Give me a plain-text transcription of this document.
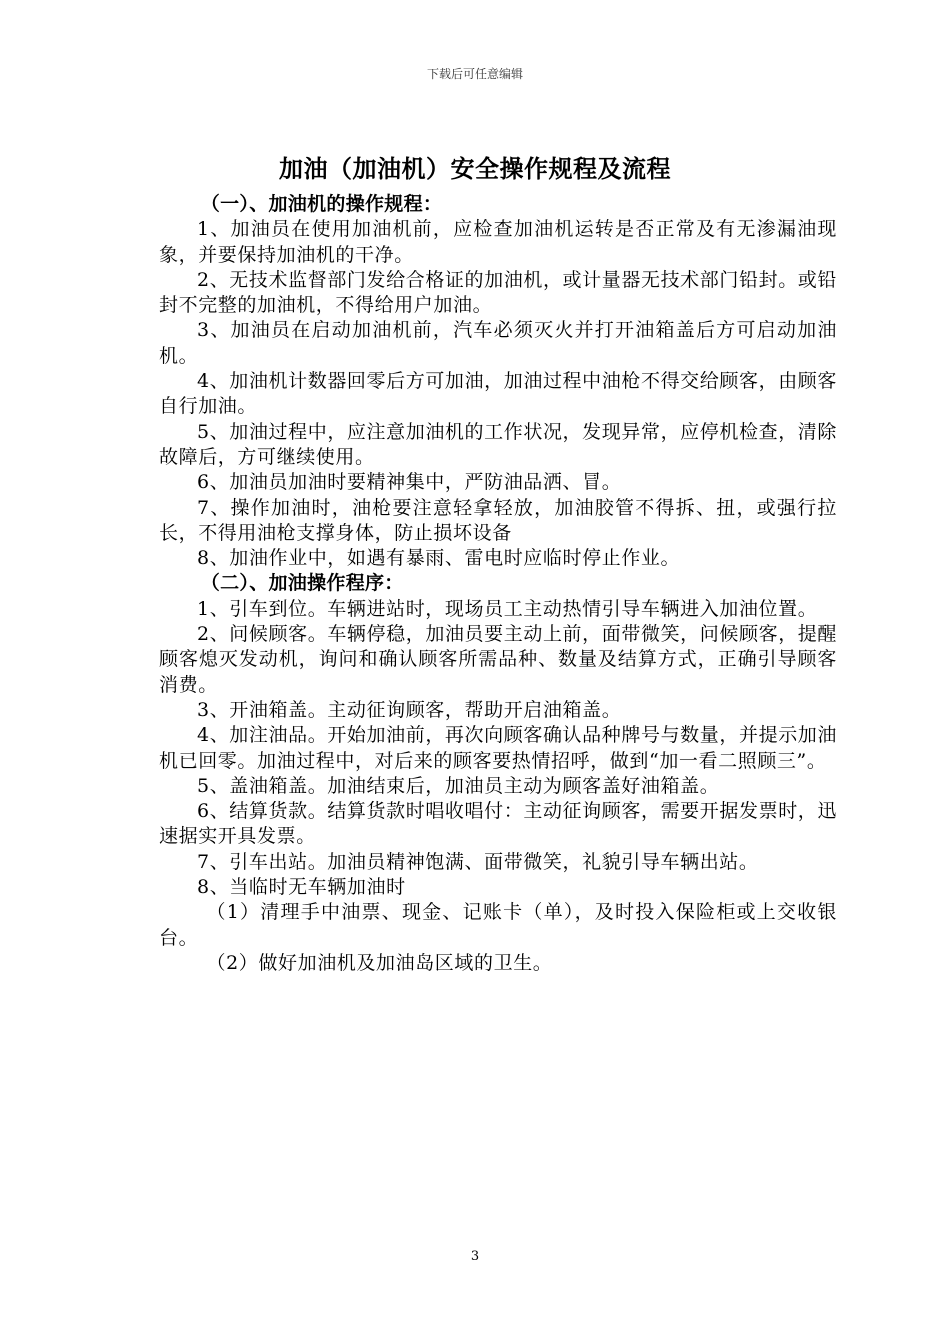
下载后可任意编辑
加油（加油机）安全操作规程及流程

（一）、加油机的操作规程：

1、加油员在使用加油机前，应检查加油机运转是否正常及有无渗漏油现象，并要保持加油机的干净。

2、无技术监督部门发给合格证的加油机，或计量器无技术部门铅封。或铅封不完整的加油机，不得给用户加油。

3、加油员在启动加油机前，汽车必须灭火并打开油箱盖后方可启动加油机。

4、加油机计数器回零后方可加油，加油过程中油枪不得交给顾客，由顾客自行加油。

5、加油过程中，应注意加油机的工作状况，发现异常，应停机检查，清除故障后，方可继续使用。

6、加油员加油时要精神集中，严防油品洒、冒。

7、操作加油时，油枪要注意轻拿轻放，加油胶管不得拆、扭，或强行拉长，不得用油枪支撑身体，防止损坏设备

8、加油作业中，如遇有暴雨、雷电时应临时停止作业。

（二）、加油操作程序：

1、引车到位。车辆进站时，现场员工主动热情引导车辆进入加油位置。

2、问候顾客。车辆停稳，加油员要主动上前，面带微笑，问候顾客，提醒顾客熄灭发动机，询问和确认顾客所需品种、数量及结算方式，正确引导顾客消费。

3、开油箱盖。主动征询顾客，帮助开启油箱盖。

4、加注油品。开始加油前，再次向顾客确认品种牌号与数量，并提示加油机已回零。加油过程中，对后来的顾客要热情招呼，做到“加一看二照顾三”。

5、盖油箱盖。加油结束后，加油员主动为顾客盖好油箱盖。

6、结算货款。结算货款时唱收唱付：主动征询顾客，需要开据发票时，迅速据实开具发票。

7、引车出站。加油员精神饱满、面带微笑，礼貌引导车辆出站。

8、当临时无车辆加油时

（1）清理手中油票、现金、记账卡（单），及时投入保险柜或上交收银台。

（2）做好加油机及加油岛区域的卫生。

3
